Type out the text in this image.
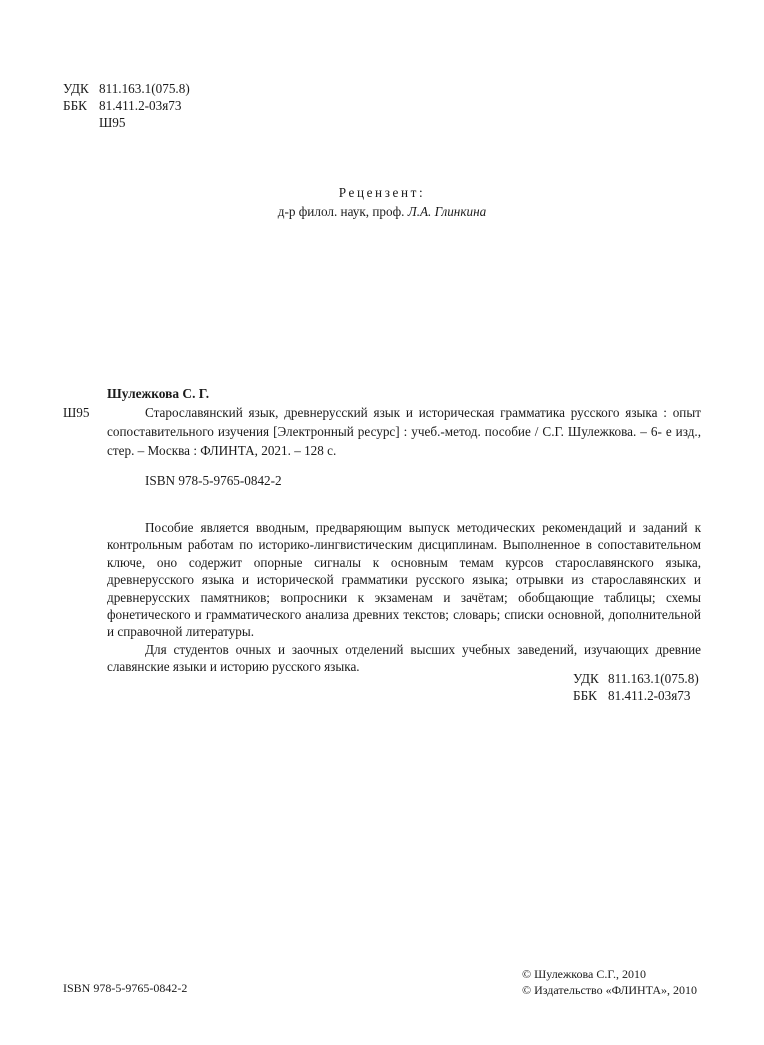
УДК 811.163.1(075.8)
ББК 81.411.2-03я73
Ш95
Рецензент:
д-р филол. наук, проф. Л.А. Глинкина
Шулежкова С. Г.
Ш95	Старославянский язык, древнерусский язык и историческая грамматика русского языка : опыт сопоставительного изучения [Электронный ресурс] : учеб.-метод. пособие / С.Г. Шулежкова. – 6- е изд., стер. – Москва : ФЛИНТА, 2021. – 128 с.

ISBN 978-5-9765-0842-2

Пособие является вводным, предваряющим выпуск методических рекомендаций и заданий к контрольным работам по историко-лингвистическим дисциплинам. Выполненное в сопоставительном ключе, оно содержит опорные сигналы к основным темам курсов старославянского языка, древнерусского языка и исторической грамматики русского языка; отрывки из старославянских и древнерусских памятников; вопросники к экзаменам и зачётам; обобщающие таблицы; схемы фонетического и грамматического анализа древних текстов; словарь; списки основной, дополнительной и справочной литературы.

Для студентов очных и заочных отделений высших учебных заведений, изучающих древние славянские языки и историю русского языка.

УДК 811.163.1(075.8)
ББК 81.411.2-03я73
ISBN 978-5-9765-0842-2
© Шулежкова С.Г., 2010
© Издательство «ФЛИНТА», 2010
